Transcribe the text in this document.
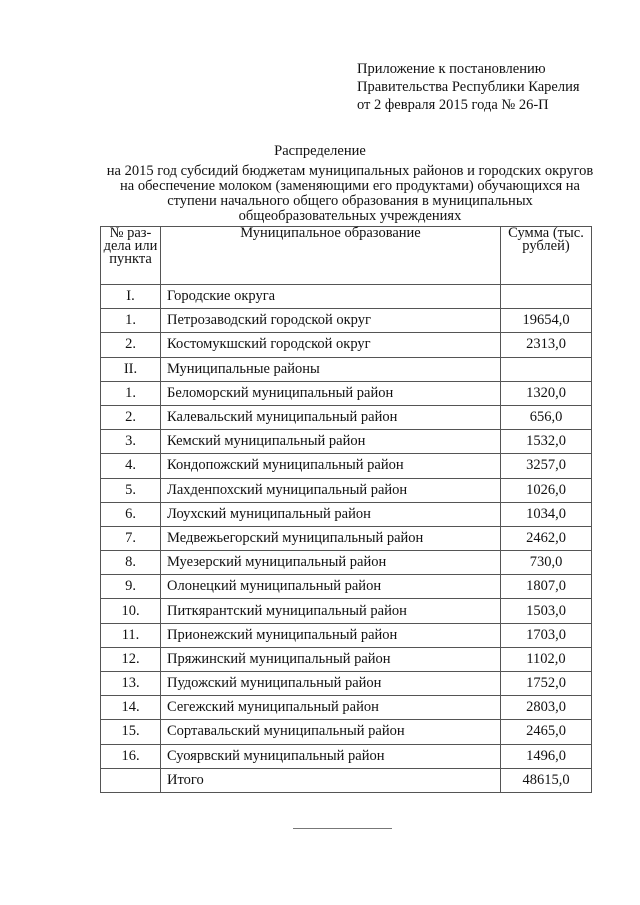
Приложение к постановлению
Правительства Республики Карелия
от 2 февраля 2015 года № 26-П
Распределение
на 2015 год субсидий бюджетам муниципальных районов и городских округов на обеспечение молоком (заменяющими его продуктами) обучающихся на ступени начального общего образования в муниципальных общеобразовательных учреждениях
№ раз-дела или пункта	Муниципальное образование	Сумма (тыс. рублей)
I.	Городские округа	
1.	Петрозаводский городской округ	19654,0
2.	Костомукшский городской округ	2313,0
II.	Муниципальные районы	
1.	Беломорский муниципальный район	1320,0
2.	Калевальский муниципальный район	656,0
3.	Кемский муниципальный район	1532,0
4.	Кондопожский муниципальный район	3257,0
5.	Лахденпохский муниципальный район	1026,0
6.	Лоухский муниципальный район	1034,0
7.	Медвежьегорский муниципальный район	2462,0
8.	Муезерский муниципальный район	730,0
9.	Олонецкий муниципальный район	1807,0
10.	Питкярантский муниципальный район	1503,0
11.	Прионежский муниципальный район	1703,0
12.	Пряжинский муниципальный район	1102,0
13.	Пудожский муниципальный район	1752,0
14.	Сегежский муниципальный район	2803,0
15.	Сортавальский муниципальный район	2465,0
16.	Суоярвский муниципальный район	1496,0
	Итого	48615,0
